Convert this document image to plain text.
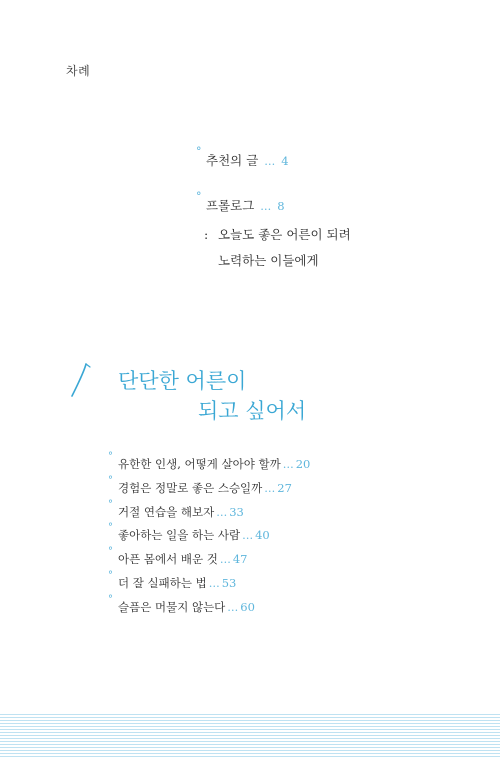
차례
°
추천의 글 … 4
°
프롤로그 … 8
: 오늘도 좋은 어른이 되려
노력하는 이들에게
단단한 어른이
되고 싶어서
°
유한한 인생, 어떻게 살아야 할까 … 20
°
경험은 정말로 좋은 스승일까 … 27
°
거절 연습을 해보자 … 33
°
좋아하는 일을 하는 사람 … 40
°
아픈 몸에서 배운 것 … 47
°
더 잘 실패하는 법 … 53
°
슬픔은 머물지 않는다 … 60
